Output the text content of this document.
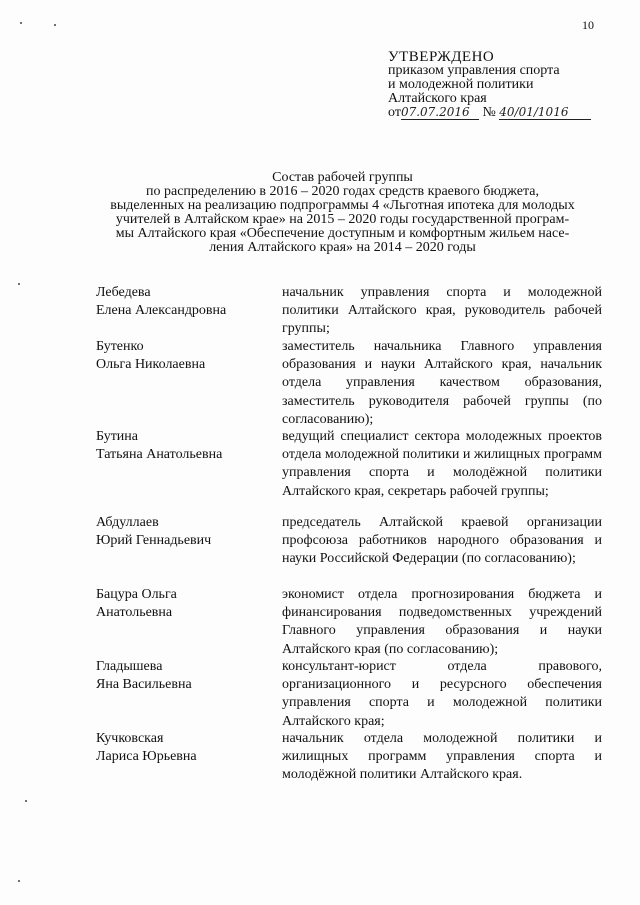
10
УТВЕРЖДЕНО
приказом управления спорта
и молодежной политики
Алтайского края
от07.07.2016 № 40/01/1016
Состав рабочей группы
по распределению в 2016 – 2020 годах средств краевого бюджета,
выделенных на реализацию подпрограммы 4 «Льготная ипотека для молодых
учителей в Алтайском крае» на 2015 – 2020 годы государственной програм-
мы Алтайского края «Обеспечение доступным и комфортным жильем насе-
ления Алтайского края» на 2014 – 2020 годы
Лебедева
Елена Александровна
начальник управления спорта и молодежной политики Алтайского края, руководитель рабочей группы;
Бутенко
Ольга Николаевна
заместитель начальника Главного управления образования и науки Алтайского края, начальник отдела управления качеством образования, заместитель руководителя рабочей группы (по согласованию);
Бутина
Татьяна Анатольевна
ведущий специалист сектора молодежных проектов отдела молодежной политики и жилищных программ управления спорта и молодёжной политики Алтайского края, секретарь рабочей группы;
Абдуллаев
Юрий Геннадьевич
председатель Алтайской краевой организации профсоюза работников народного образования и науки Российской Федерации (по согласованию);
Бацура Ольга
Анатольевна
экономист отдела прогнозирования бюджета и финансирования подведомственных учреждений Главного управления образования и науки Алтайского края (по согласованию);
Гладышева
Яна Васильевна
консультант-юрист отдела правового, организационного и ресурсного обеспечения управления спорта и молодежной политики Алтайского края;
Кучковская
Лариса Юрьевна
начальник отдела молодежной политики и жилищных программ управления спорта и молодёжной политики Алтайского края.
